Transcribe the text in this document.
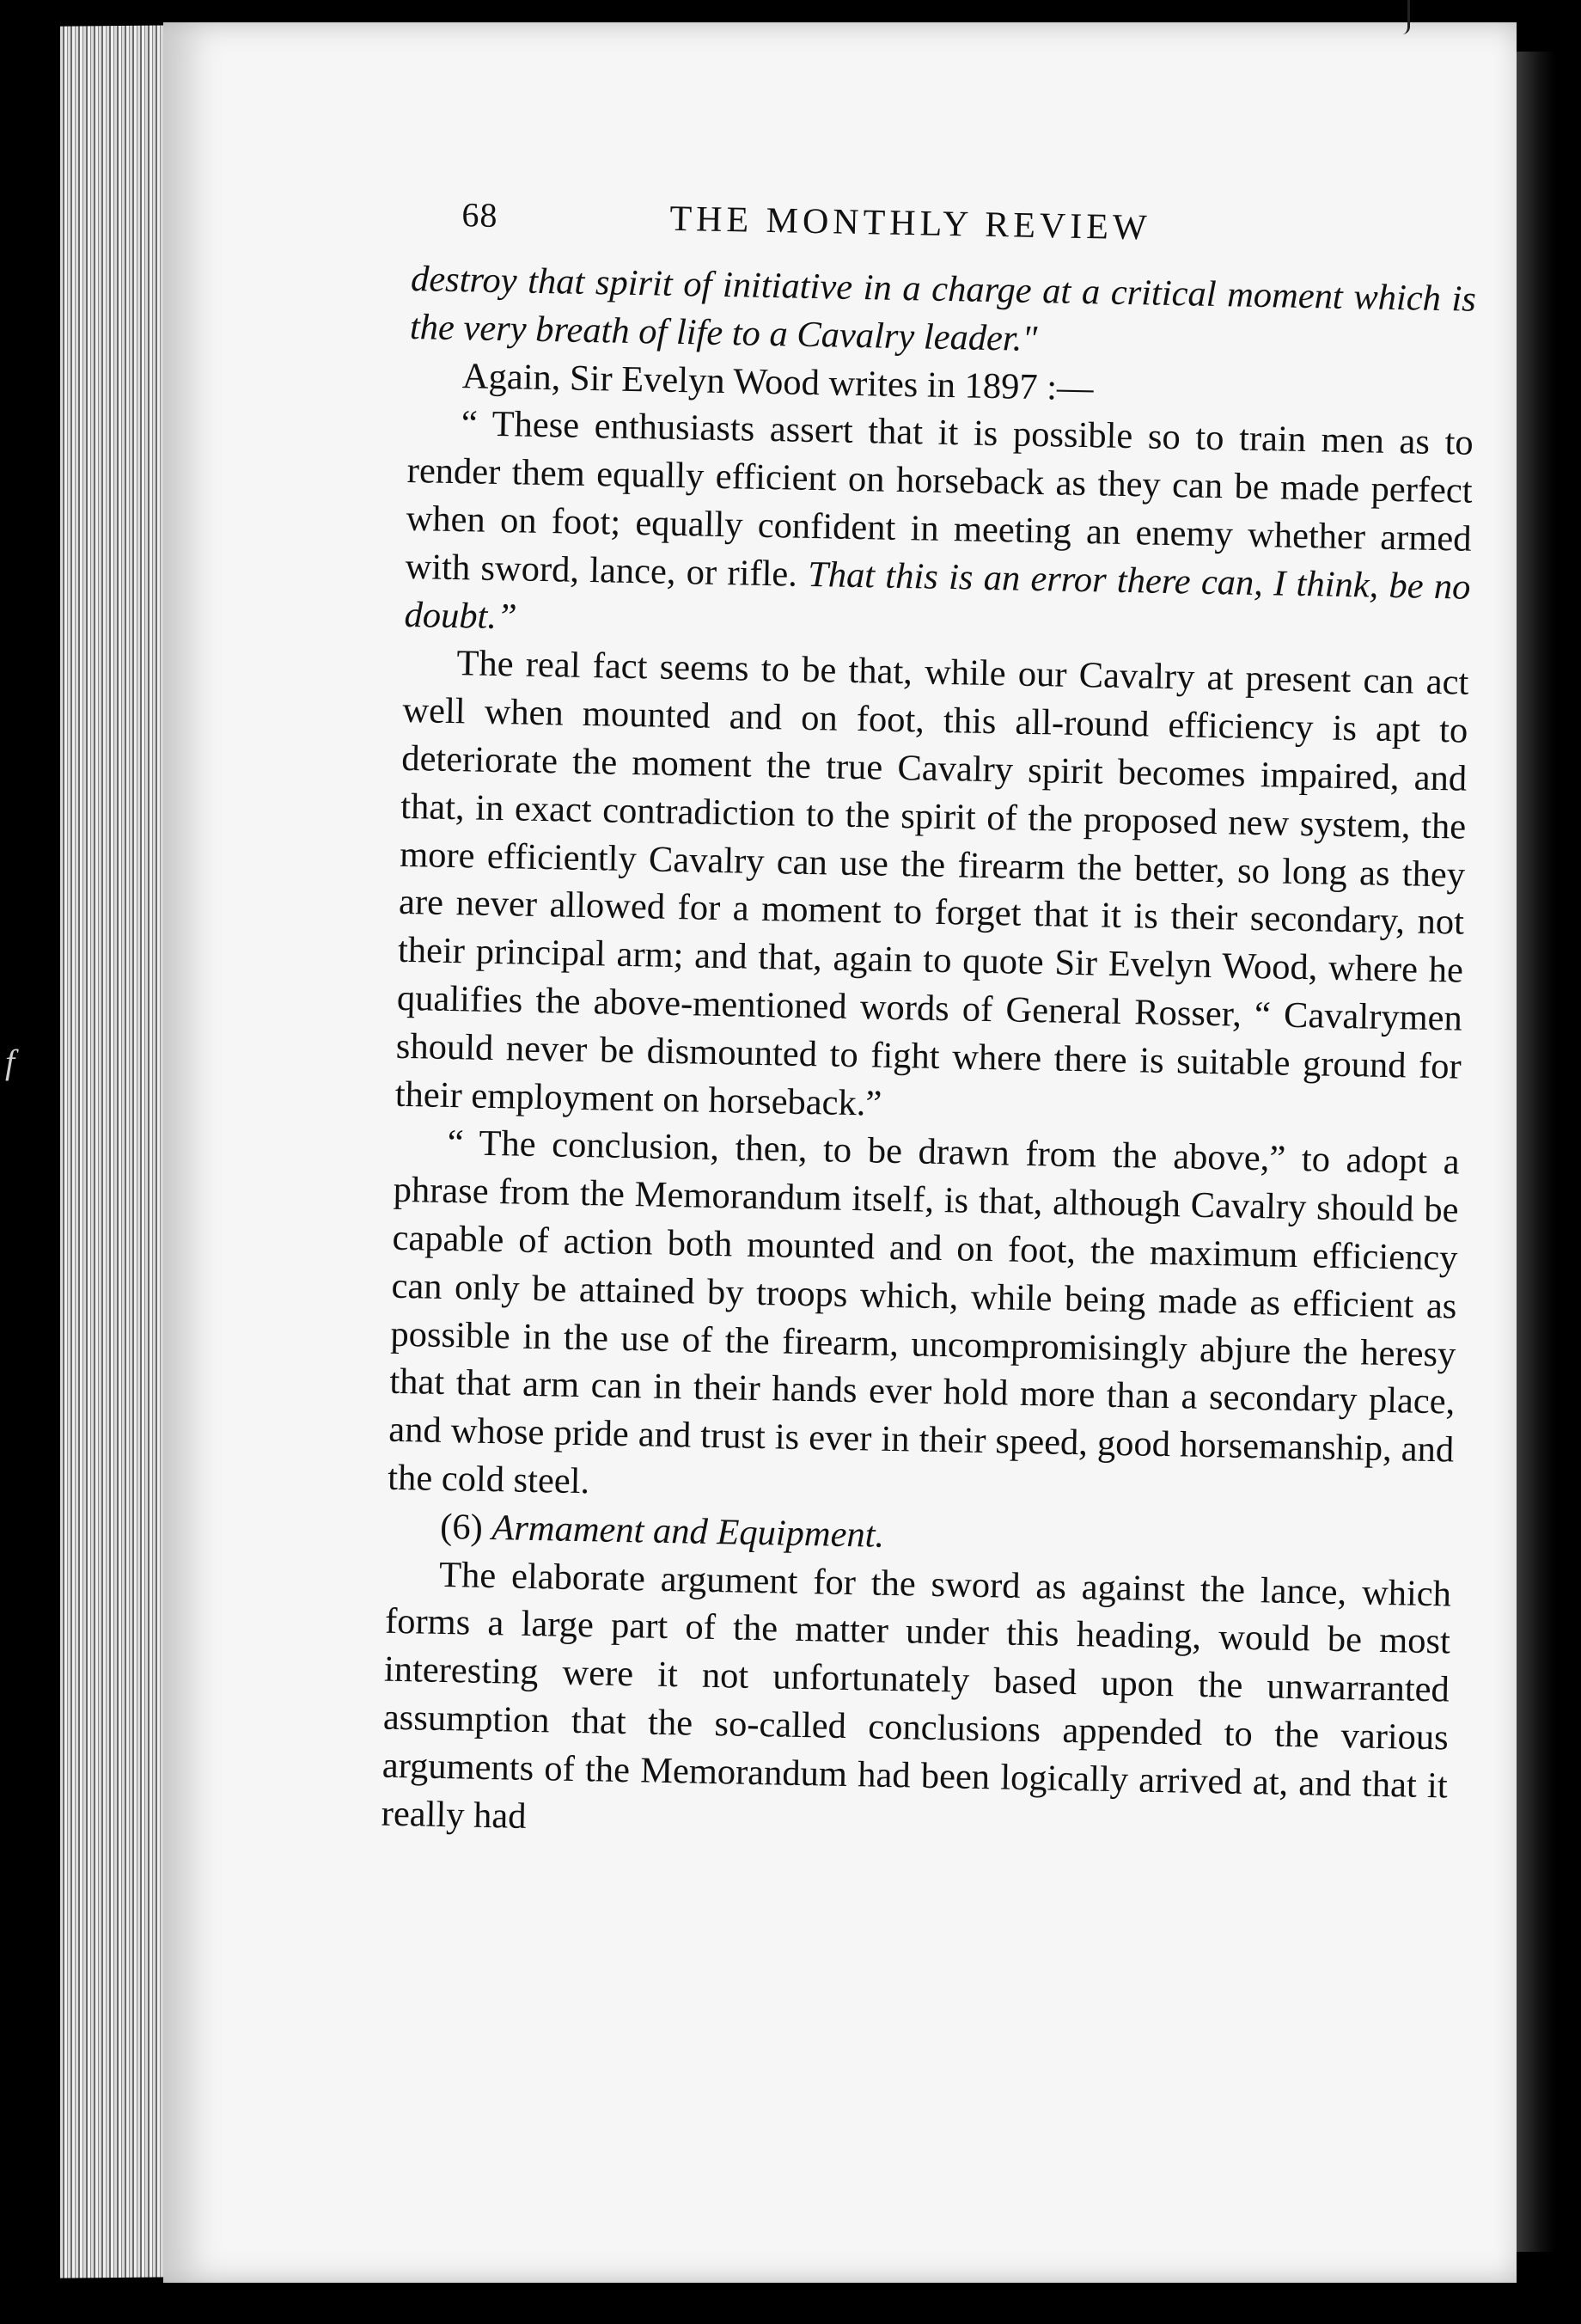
f
68	THE MONTHLY REVIEW

destroy that spirit of initiative in a charge at a critical moment which is the very breath of life to a Cavalry leader."

Again, Sir Evelyn Wood writes in 1897 :—

“ These enthusiasts assert that it is possible so to train men as to render them equally efficient on horseback as they can be made perfect when on foot; equally confident in meeting an enemy whether armed with sword, lance, or rifle. That this is an error there can, I think, be no doubt.”

The real fact seems to be that, while our Cavalry at present can act well when mounted and on foot, this all-round efficiency is apt to deteriorate the moment the true Cavalry spirit becomes impaired, and that, in exact contradiction to the spirit of the proposed new system, the more efficiently Cavalry can use the firearm the better, so long as they are never allowed for a moment to forget that it is their secondary, not their principal arm; and that, again to quote Sir Evelyn Wood, where he qualifies the above-mentioned words of General Rosser, “ Cavalrymen should never be dismounted to fight where there is suitable ground for their employment on horseback.”

“ The conclusion, then, to be drawn from the above,” to adopt a phrase from the Memorandum itself, is that, although Cavalry should be capable of action both mounted and on foot, the maximum efficiency can only be attained by troops which, while being made as efficient as possible in the use of the firearm, uncompromisingly abjure the heresy that that arm can in their hands ever hold more than a secondary place, and whose pride and trust is ever in their speed, good horsemanship, and the cold steel.

(6) Armament and Equipment.

The elaborate argument for the sword as against the lance, which forms a large part of the matter under this heading, would be most interesting were it not unfortunately based upon the unwarranted assumption that the so-called conclusions appended to the various arguments of the Memorandum had been logically arrived at, and that it really had
